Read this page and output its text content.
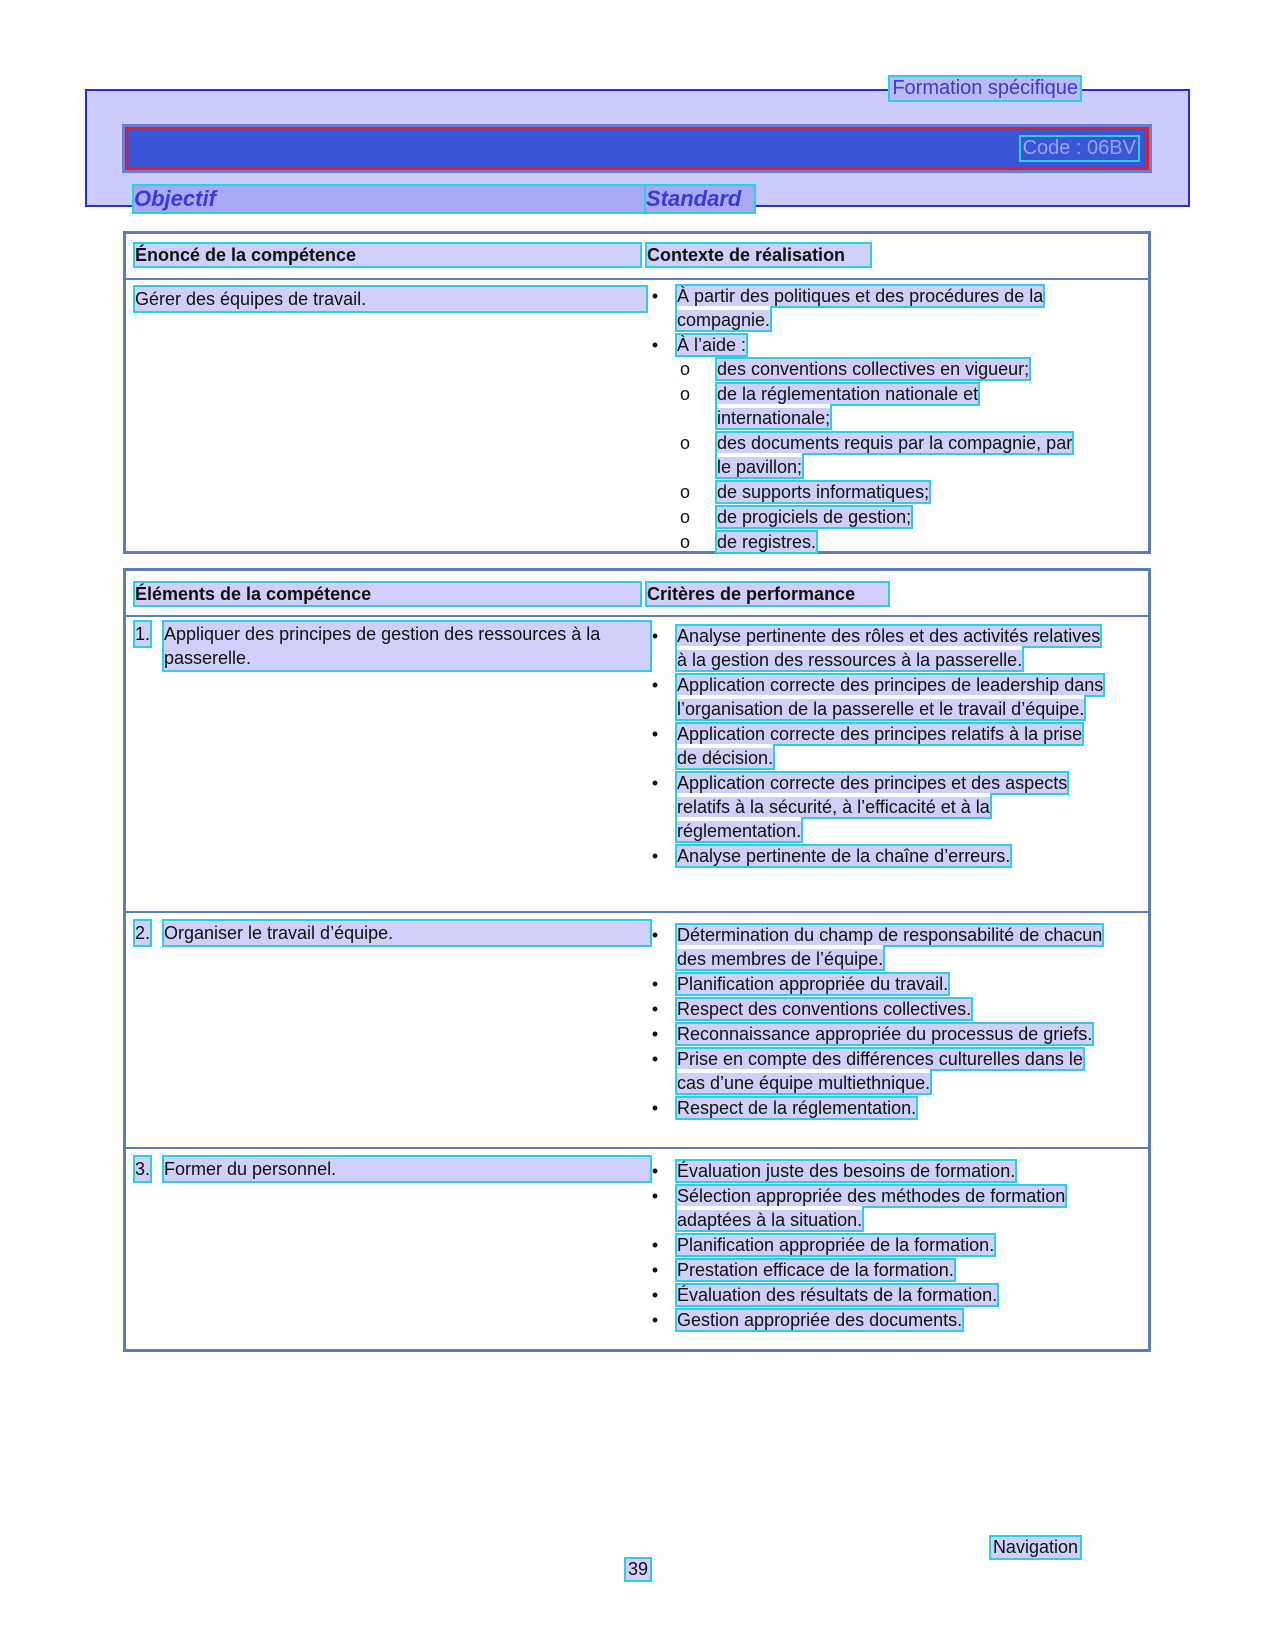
Formation spécifique
Code : 06BV
Objectif	Standard
Énoncé de la compétence	Contexte de réalisation
Gérer des équipes de travail.	• À partir des politiques et des procédures de la compagnie.
• À l’aide :
o des conventions collectives en vigueur;
o de la réglementation nationale et internationale;
o des documents requis par la compagnie, par le pavillon;
o de supports informatiques;
o de progiciels de gestion;
o de registres.
Éléments de la compétence	Critères de performance
1. Appliquer des principes de gestion des ressources à la passerelle.
• Analyse pertinente des rôles et des activités relatives à la gestion des ressources à la passerelle.
• Application correcte des principes de leadership dans l’organisation de la passerelle et le travail d’équipe.
• Application correcte des principes relatifs à la prise de décision.
• Application correcte des principes et des aspects relatifs à la sécurité, à l’efficacité et à la réglementation.
• Analyse pertinente de la chaîne d’erreurs.
2. Organiser le travail d’équipe.	• Détermination du champ de responsabilité de chacun des membres de l’équipe.
• Planification appropriée du travail.
• Respect des conventions collectives.
• Reconnaissance appropriée du processus de griefs.
• Prise en compte des différences culturelles dans le cas d’une équipe multiethnique.
• Respect de la réglementation.
3. Former du personnel.	• Évaluation juste des besoins de formation.
• Sélection appropriée des méthodes de formation adaptées à la situation.
• Planification appropriée de la formation.
• Prestation efficace de la formation.
• Évaluation des résultats de la formation.
• Gestion appropriée des documents.
Navigation
39
